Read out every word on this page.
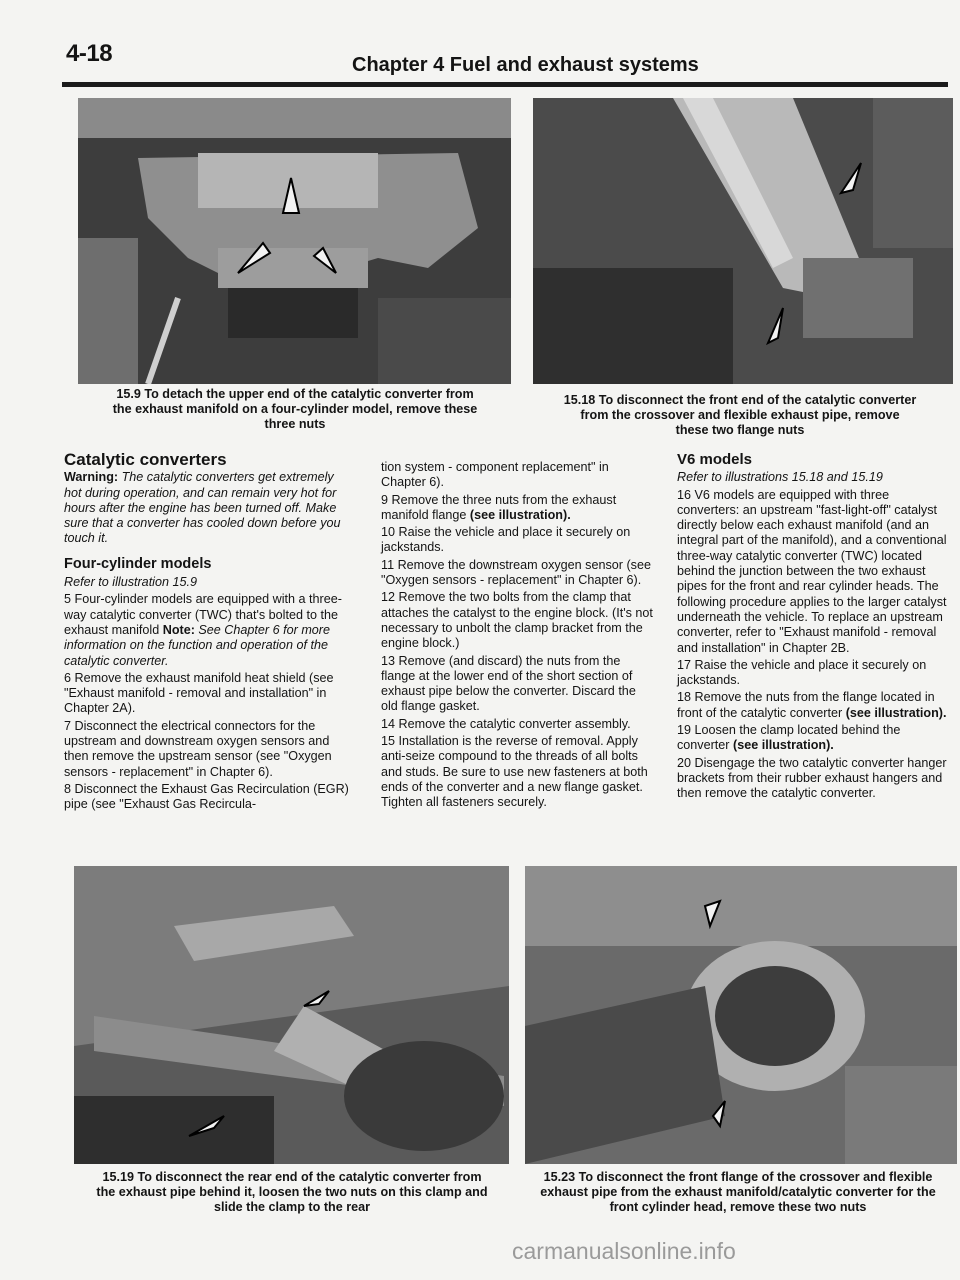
4-18	Chapter 4 Fuel and exhaust systems
15.9 To detach the upper end of the catalytic converter from
the exhaust manifold on a four-cylinder model, remove these
three nuts
15.18 To disconnect the front end of the catalytic converter
from the crossover and flexible exhaust pipe, remove
these two flange nuts
Catalytic converters

Warning: The catalytic converters get extremely hot during operation, and can remain very hot for hours after the engine has been turned off. Make sure that a converter has cooled down before you touch it.

Four-cylinder models

Refer to illustration 15.9

5 Four-cylinder models are equipped with a three-way catalytic converter (TWC) that's bolted to the exhaust manifold Note: See Chapter 6 for more information on the function and operation of the catalytic converter.

6 Remove the exhaust manifold heat shield (see "Exhaust manifold - removal and installation" in Chapter 2A).

7 Disconnect the electrical connectors for the upstream and downstream oxygen sensors and then remove the upstream sensor (see "Oxygen sensors - replacement" in Chapter 6).

8 Disconnect the Exhaust Gas Recirculation (EGR) pipe (see "Exhaust Gas Recircula-

tion system - component replacement" in Chapter 6).

9 Remove the three nuts from the exhaust manifold flange (see illustration).

10 Raise the vehicle and place it securely on jackstands.

11 Remove the downstream oxygen sensor (see "Oxygen sensors - replacement" in Chapter 6).

12 Remove the two bolts from the clamp that attaches the catalyst to the engine block. (It's not necessary to unbolt the clamp bracket from the engine block.)

13 Remove (and discard) the nuts from the flange at the lower end of the short section of exhaust pipe below the converter. Discard the old flange gasket.

14 Remove the catalytic converter assembly.

15 Installation is the reverse of removal. Apply anti-seize compound to the threads of all bolts and studs. Be sure to use new fasteners at both ends of the converter and a new flange gasket. Tighten all fasteners securely.

V6 models

Refer to illustrations 15.18 and 15.19

16 V6 models are equipped with three converters: an upstream "fast-light-off" catalyst directly below each exhaust manifold (and an integral part of the manifold), and a conventional three-way catalytic converter (TWC) located behind the junction between the two exhaust pipes for the front and rear cylinder heads. The following procedure applies to the larger catalyst underneath the vehicle. To replace an upstream converter, refer to "Exhaust manifold - removal and installation" in Chapter 2B.

17 Raise the vehicle and place it securely on jackstands.

18 Remove the nuts from the flange located in front of the catalytic converter (see illustration).

19 Loosen the clamp located behind the converter (see illustration).

20 Disengage the two catalytic converter hanger brackets from their rubber exhaust hangers and then remove the catalytic converter.

15.19 To disconnect the rear end of the catalytic converter from
the exhaust pipe behind it, loosen the two nuts on this clamp and
slide the clamp to the rear
15.23 To disconnect the front flange of the crossover and flexible
exhaust pipe from the exhaust manifold/catalytic converter for the
front cylinder head, remove these two nuts
carmanualsonline.info
